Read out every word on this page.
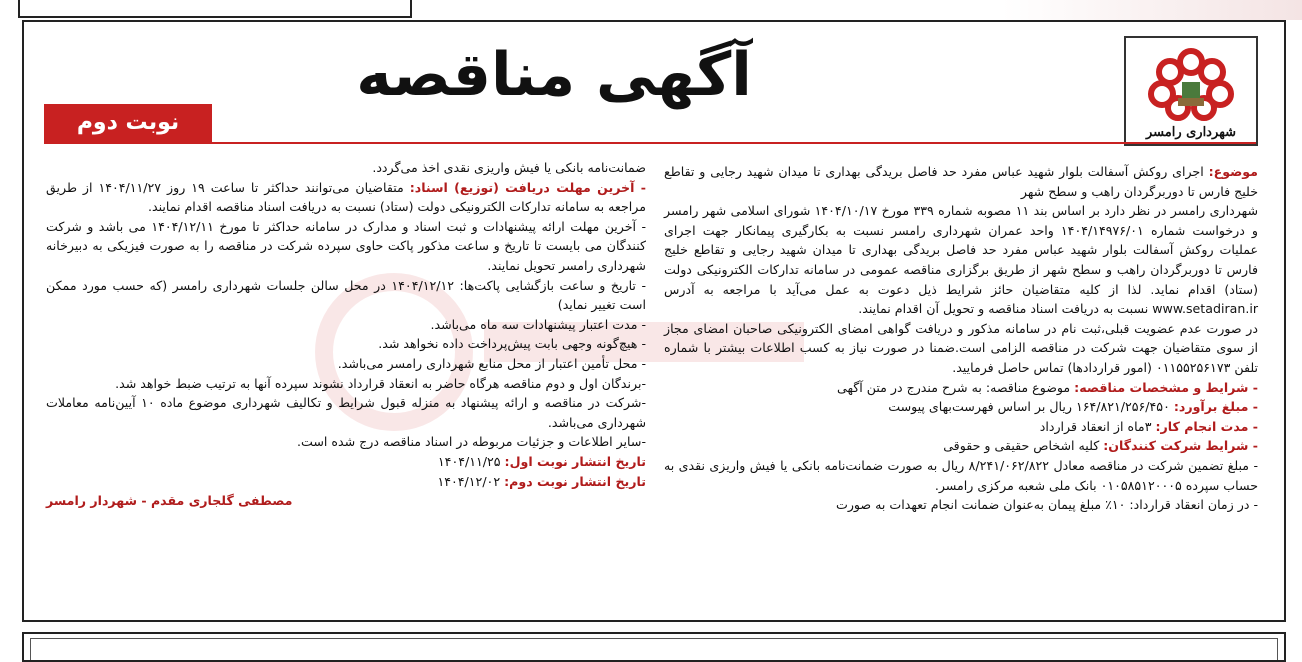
شهرداری رامسر
آگهی مناقصه
نوبت دوم

موضوع: اجرای روکش آسفالت بلوار شهید عباس مفرد حد فاصل بریدگی بهداری تا میدان شهید رجایی و تقاطع خلیج فارس تا دوربرگردان راهب و سطح شهر

شهرداری رامسر در نظر دارد بر اساس بند ۱۱ مصوبه شماره ۳۳۹ مورخ ۱۴۰۴/۱۰/۱۷ شورای اسلامی شهر رامسر و درخواست شماره ۱۴۰۴/۱۴۹۷۶/۰۱ واحد عمران شهرداری رامسر نسبت به بکارگیری پیمانکار جهت اجرای عملیات روکش آسفالت بلوار شهید عباس مفرد حد فاصل بریدگی بهداری تا میدان شهید رجایی و تقاطع خلیج فارس تا دوربرگردان راهب و سطح شهر از طریق برگزاری مناقصه عمومی در سامانه تدارکات الکترونیکی دولت (ستاد) اقدام نماید. لذا از کلیه متقاضیان حائز شرایط ذیل دعوت به عمل می‌آید با مراجعه به آدرس www.setadiran.ir نسبت به دریافت اسناد مناقصه و تحویل آن اقدام نمایند.

در صورت عدم عضویت قبلی،ثبت نام در سامانه مذکور و دریافت گواهی امضای الکترونیکی صاحبان امضای مجاز از سوی متقاضیان جهت شرکت در مناقصه الزامی است.ضمنا در صورت نیاز به کسب اطلاعات بیشتر با شماره تلفن ۰۱۱۵۵۲۵۶۱۷۳ (امور قراردادها) تماس حاصل فرمایید.

- شرایط و مشخصات مناقصه: موضوع مناقصه: به شرح مندرج در متن آگهی

- مبلغ برآورد: ۱۶۴/۸۲۱/۲۵۶/۴۵۰ ریال بر اساس فهرست‌بهای پیوست

- مدت انجام کار: ۳ماه از انعقاد قرارداد

- شرایط شرکت کنندگان: کلیه اشخاص حقیقی و حقوقی

- مبلغ تضمین شرکت در مناقصه معادل ۸/۲۴۱/۰۶۲/۸۲۲ ریال به صورت ضمانت‌نامه بانکی یا فیش واریزی نقدی به حساب سپرده ۰۱۰۵۸۵۱۲۰۰۰۵ بانک ملی شعبه مرکزی رامسر.

- در زمان انعقاد قرارداد: ۱۰٪ مبلغ پیمان به‌عنوان ضمانت انجام تعهدات به صورت

ضمانت‌نامه بانکی یا فیش واریزی نقدی اخذ می‌گردد.

- آخرین مهلت دریافت (توزیع) اسناد: متقاضیان می‌توانند حداکثر تا ساعت ۱۹ روز ۱۴۰۴/۱۱/۲۷ از طریق مراجعه به سامانه تدارکات الکترونیکی دولت (ستاد) نسبت به دریافت اسناد مناقصه اقدام نمایند.

- آخرین مهلت ارائه پیشنهادات و ثبت اسناد و مدارک در سامانه حداکثر تا مورخ ۱۴۰۴/۱۲/۱۱ می باشد و شرکت کنندگان می بایست تا تاریخ و ساعت مذکور پاکت حاوی سپرده شرکت در مناقصه را به صورت فیزیکی به دبیرخانه شهرداری رامسر تحویل نمایند.

- تاریخ و ساعت بازگشایی پاکت‌ها: ۱۴۰۴/۱۲/۱۲ در محل سالن جلسات شهرداری رامسر (که حسب مورد ممکن است تغییر نماید)

- مدت اعتبار پیشنهادات سه ماه می‌باشد.

- هیچ‌گونه وجهی بابت پیش‌پرداخت داده نخواهد شد.

- محل تأمین اعتبار از محل منابع شهرداری رامسر می‌باشد.

-برندگان اول و دوم مناقصه هرگاه حاضر به انعقاد قرارداد نشوند سپرده آنها به ترتیب ضبط خواهد شد.

-شرکت در مناقصه و ارائه پیشنهاد به منزله قبول شرایط و تکالیف شهرداری موضوع ماده ۱۰ آیین‌نامه معاملات شهرداری می‌باشد.

-سایر اطلاعات و جزئیات مربوطه در اسناد مناقصه درج شده است.

تاریخ انتشار نوبت اول: ۱۴۰۴/۱۱/۲۵

تاریخ انتشار نوبت دوم: ۱۴۰۴/۱۲/۰۲

مصطفی گلجاری مقدم - شهردار رامسر
